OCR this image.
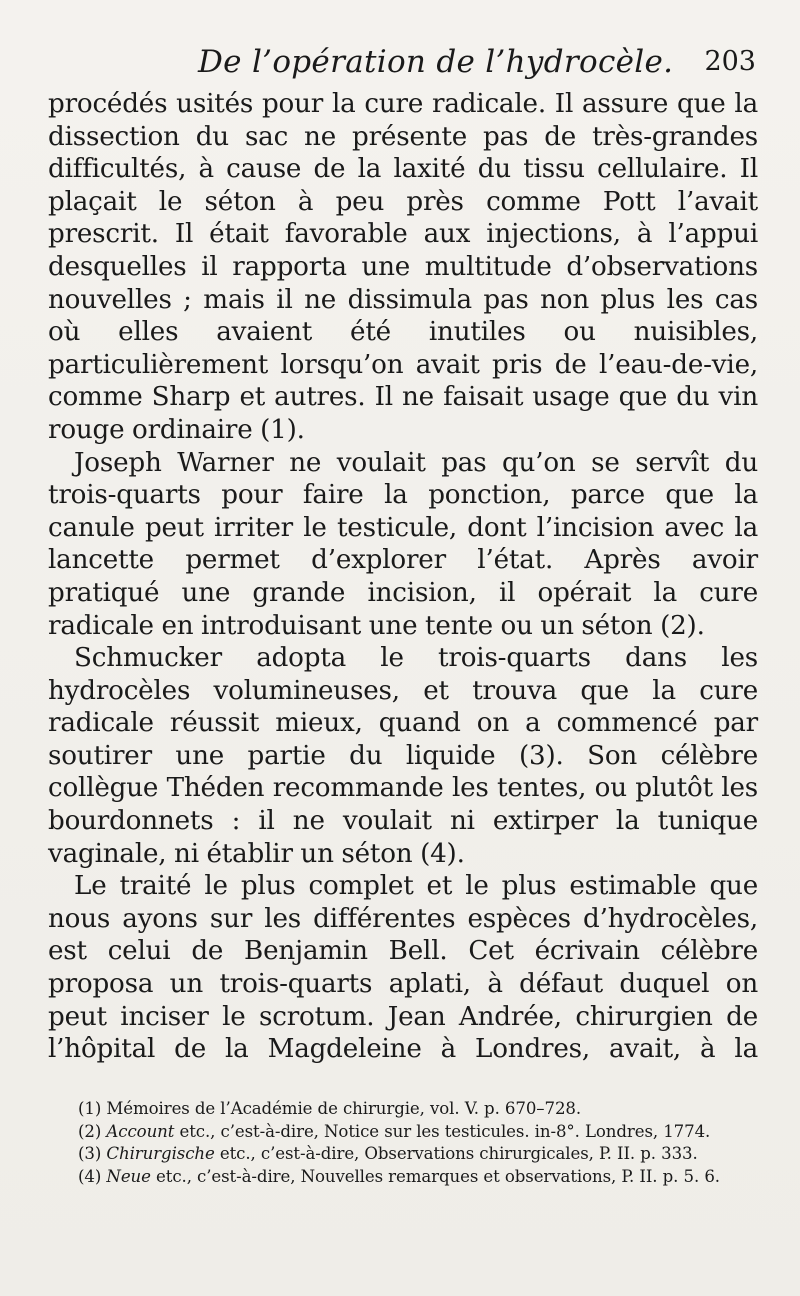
De l’opération de l’hydrocèle. 203

procédés usités pour la cure radicale. Il assure que la dissection du sac ne présente pas de très-grandes difficultés, à cause de la laxité du tissu cellulaire. Il plaçait le séton à peu près comme Pott l’avait prescrit. Il était favorable aux injections, à l’appui desquelles il rapporta une multitude d’observations nouvelles ; mais il ne dissimula pas non plus les cas où elles avaient été inutiles ou nuisibles, particulièrement lorsqu’on avait pris de l’eau-de-vie, comme Sharp et autres. Il ne faisait usage que du vin rouge ordinaire (1).

Joseph Warner ne voulait pas qu’on se servît du trois-quarts pour faire la ponction, parce que la canule peut irriter le testicule, dont l’incision avec la lancette permet d’explorer l’état. Après avoir pratiqué une grande incision, il opérait la cure radicale en introduisant une tente ou un séton (2).

Schmucker adopta le trois-quarts dans les hydrocèles volumineuses, et trouva que la cure radicale réussit mieux, quand on a commencé par soutirer une partie du liquide (3). Son célèbre collègue Théden recommande les tentes, ou plutôt les bourdonnets : il ne voulait ni extirper la tunique vaginale, ni établir un séton (4).

Le traité le plus complet et le plus estimable que nous ayons sur les différentes espèces d’hydrocèles, est celui de Benjamin Bell. Cet écrivain célèbre proposa un trois-quarts aplati, à défaut duquel on peut inciser le scrotum. Jean Andrée, chirurgien de l’hôpital de la Magdeleine à Londres, avait, à la

(1) Mémoires de l’Académie de chirurgie, vol. V. p. 670–728.

(2) Account etc., c’est-à-dire, Notice sur les testicules. in-8°. Londres, 1774.

(3) Chirurgische etc., c’est-à-dire, Observations chirurgicales, P. II. p. 333.

(4) Neue etc., c’est-à-dire, Nouvelles remarques et observations, P. II. p. 5. 6.
